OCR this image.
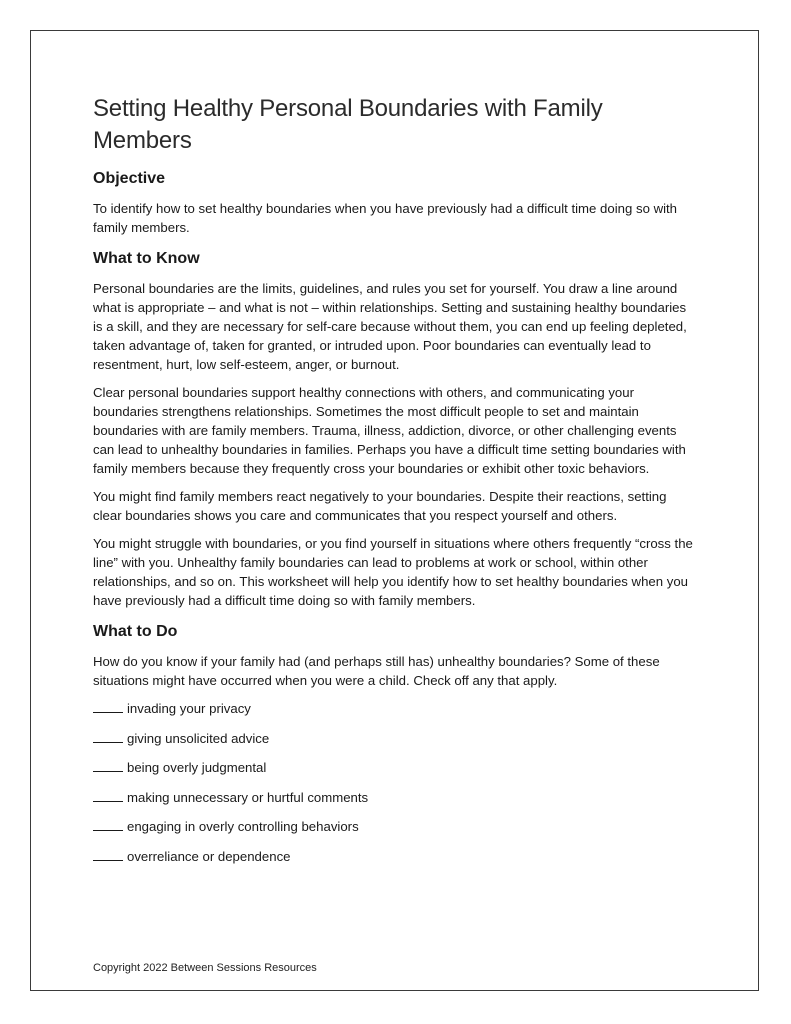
Setting Healthy Personal Boundaries with Family Members
Objective

To identify how to set healthy boundaries when you have previously had a difficult time doing so with family members.

What to Know

Personal boundaries are the limits, guidelines, and rules you set for yourself. You draw a line around what is appropriate – and what is not – within relationships. Setting and sustaining healthy boundaries is a skill, and they are necessary for self-care because without them, you can end up feeling depleted, taken advantage of, taken for granted, or intruded upon. Poor boundaries can eventually lead to resentment, hurt, low self-esteem, anger, or burnout.

Clear personal boundaries support healthy connections with others, and communicating your boundaries strengthens relationships. Sometimes the most difficult people to set and maintain boundaries with are family members. Trauma, illness, addiction, divorce, or other challenging events can lead to unhealthy boundaries in families. Perhaps you have a difficult time setting boundaries with family members because they frequently cross your boundaries or exhibit other toxic behaviors.

You might find family members react negatively to your boundaries. Despite their reactions, setting clear boundaries shows you care and communicates that you respect yourself and others.

You might struggle with boundaries, or you find yourself in situations where others frequently “cross the line” with you. Unhealthy family boundaries can lead to problems at work or school, within other relationships, and so on. This worksheet will help you identify how to set healthy boundaries when you have previously had a difficult time doing so with family members.

What to Do

How do you know if your family had (and perhaps still has) unhealthy boundaries? Some of these situations might have occurred when you were a child. Check off any that apply.

invading your privacy
giving unsolicited advice
being overly judgmental
making unnecessary or hurtful comments
engaging in overly controlling behaviors
overreliance or dependence
Copyright 2022 Between Sessions Resources
